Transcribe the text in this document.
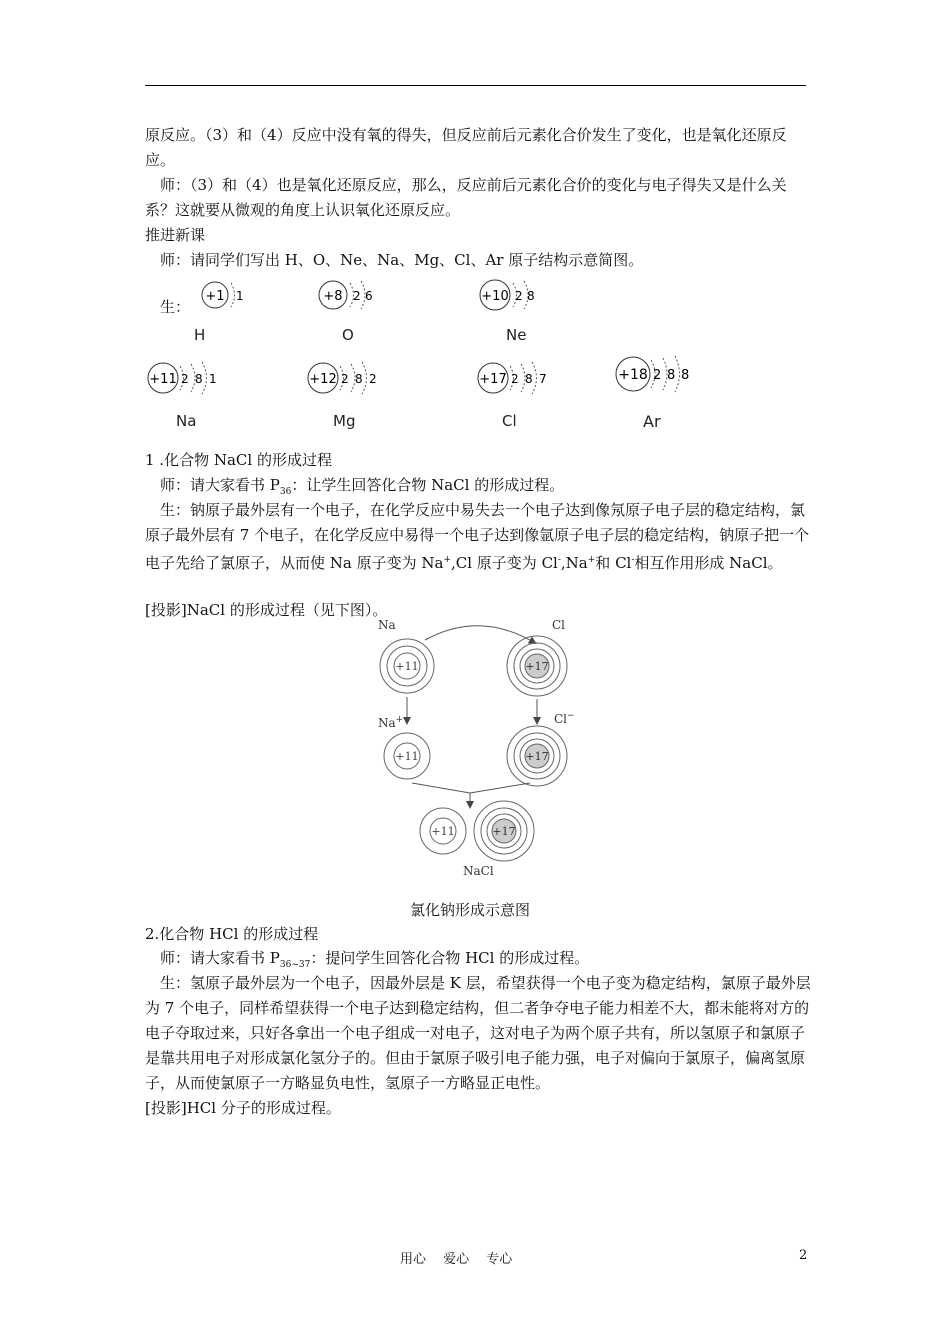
原反应。（3）和（4）反应中没有氧的得失，但反应前后元素化合价发生了变化，也是氧化还原反应。
师：（3）和（4）也是氧化还原反应，那么，反应前后元素化合价的变化与电子得失又是什么关系？这就要从微观的角度上认识氧化还原反应。
推进新课
师：请同学们写出 H、O、Ne、Na、Mg、Cl、Ar 原子结构示意简图。
生：
+1 1
H
+8 2 6
O
+10 2 8
Ne
+11 2 8 1
Na
+12 2 8 2
Mg
+17 2 8 7
Cl
+18 2 8 8
Ar
1 .化合物 NaCl 的形成过程
师：请大家看书 $P_{36}$：让学生回答化合物 NaCl 的形成过程。
生：钠原子最外层有一个电子，在化学反应中易失去一个电子达到像氖原子电子层的稳定结构，氯原子最外层有 7 个电子，在化学反应中易得一个电子达到像氩原子电子层的稳定结构，钠原子把一个电子先给了氯原子，从而使 Na 原子变为 Na+,Cl 原子变为 Cl-,Na+和 Cl-相互作用形成 NaCl。
[投影]NaCl 的形成过程（见下图）。
Na	Cl
+11	+17
Na+	Cl−
+11	+17
+11	+17
NaCl
氯化钠形成示意图
2.化合物 HCl 的形成过程
师：请大家看书 $P_{36\sim 37}$：提问学生回答化合物 HCl 的形成过程。
生：氢原子最外层为一个电子，因最外层是 K 层，希望获得一个电子变为稳定结构，氯原子最外层为 7 个电子，同样希望获得一个电子达到稳定结构，但二者争夺电子能力相差不大，都未能将对方的电子夺取过来，只好各拿出一个电子组成一对电子，这对电子为两个原子共有，所以氢原子和氯原子是靠共用电子对形成氯化氢分子的。但由于氯原子吸引电子能力强，电子对偏向于氯原子，偏离氢原子，从而使氯原子一方略显负电性，氢原子一方略显正电性。
[投影]HCl 分子的形成过程。
用心　 爱心　 专心	2
